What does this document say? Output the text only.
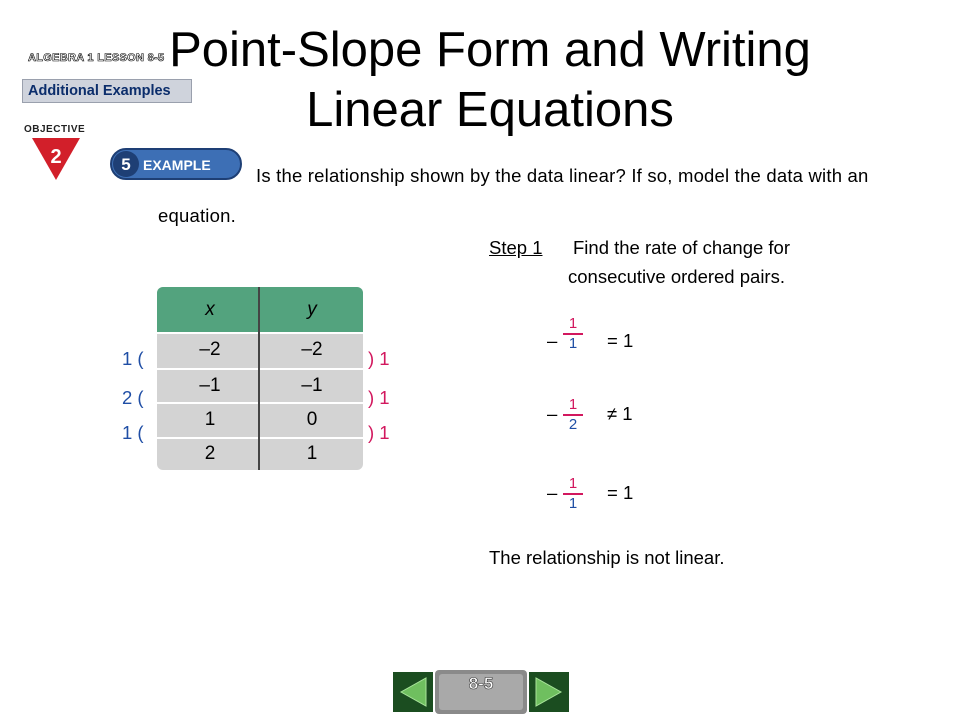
ALGEBRA 1 LESSON 8-5
Additional Examples
Point-Slope Form and Writing
Linear Equations
OBJECTIVE
2	5 EXAMPLE	Is the relationship shown by the data linear? If so, model the data with an equation.
x	y
–2	–2
–1	–1
1	0
2	1
1 (
2 (
1 (
) 1
) 1
) 1
Step 1 Find the rate of change for
consecutive ordered pairs.
– $\frac{1}{1} = 1$
– $\frac{1}{2} \ne 1$
– $\frac{1}{1} = 1$
The relationship is not linear.
8-5
